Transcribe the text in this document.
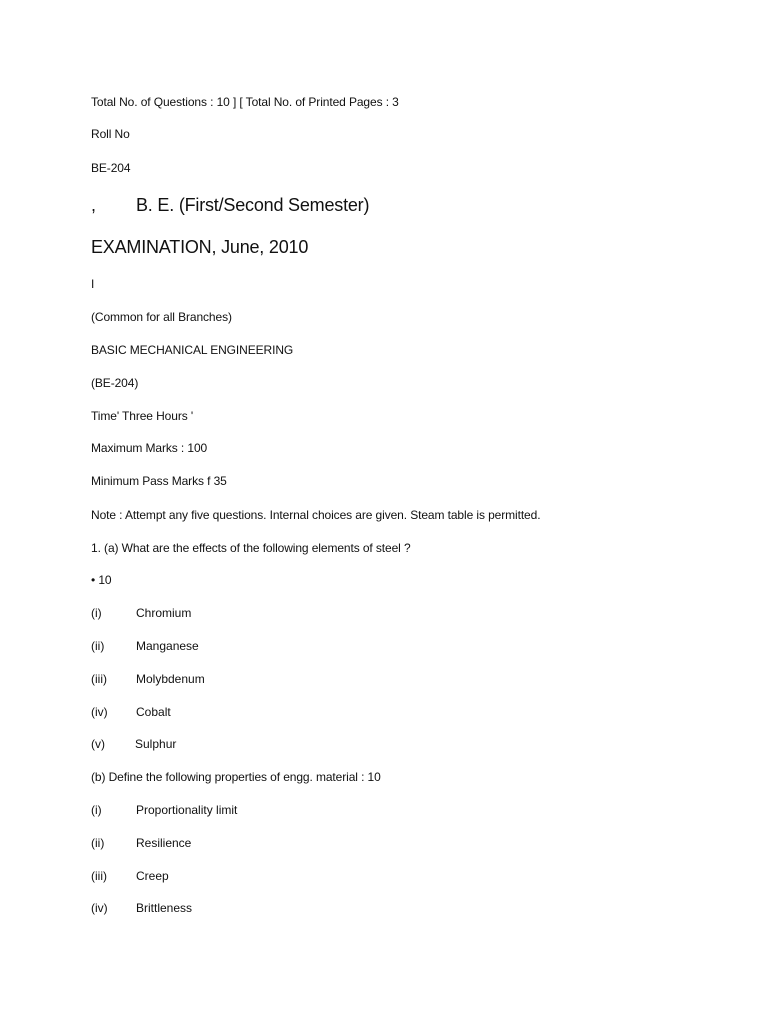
Total No. of Questions : 10 ] [ Total No. of Printed Pages : 3
Roll No
BE-204
, B. E. (First/Second Semester)
EXAMINATION, June, 2010
I
(Common for all Branches)
BASIC MECHANICAL ENGINEERING
(BE-204)
Time' Three Hours '
Maximum Marks : 100
Minimum Pass Marks f 35
Note : Attempt any five questions. Internal choices are given. Steam table is permitted.
1. (a) What are the effects of the following elements of steel ?
• 10
(i)	Chromium
(ii)	Manganese
(iii) Molybdenum
(iv) Cobalt
(v)	Sulphur
(b) Define the following properties of engg. material : 10
(i)	Proportionality limit
(ii)	Resilience
(iii) Creep
(iv) Brittleness
